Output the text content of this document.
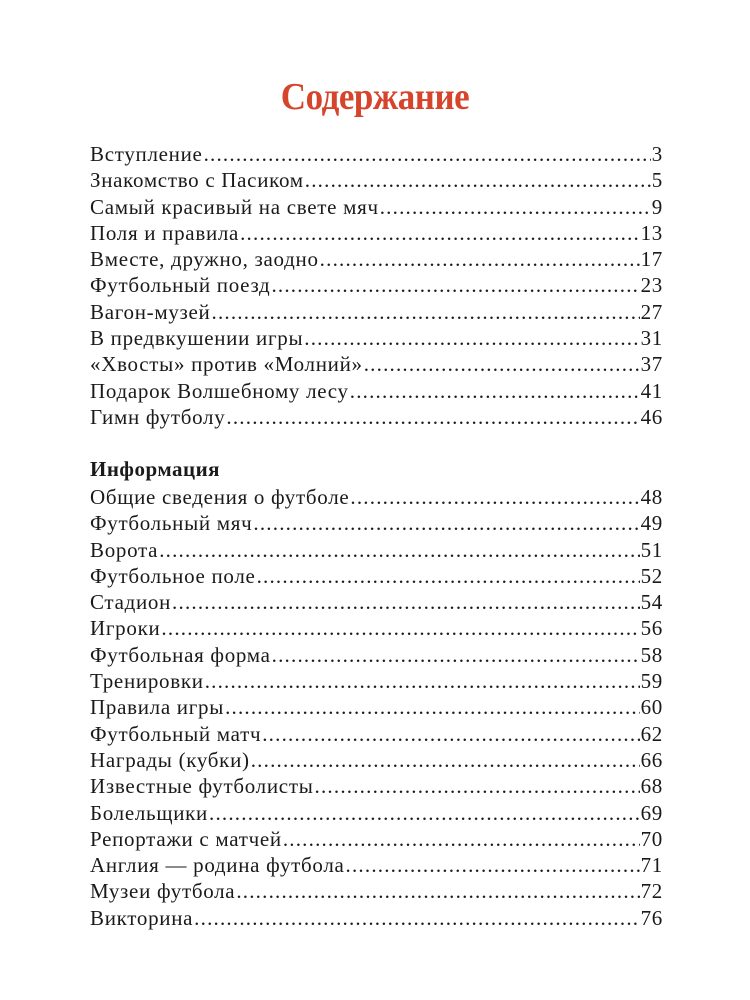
Содержание
Вступление .....	3
Знакомство с Пасиком .....	5
Самый красивый на свете мяч .....	9
Поля и правила .....	13
Вместе, дружно, заодно .....	17
Футбольный поезд .....	23
Вагон-музей .....	27
В предвкушении игры .....	31
«Хвосты» против «Молний» .....	37
Подарок Волшебному лесу .....	41
Гимн футболу .....	46
Информация
Общие сведения о футболе .....	48
Футбольный мяч .....	49
Ворота .....	51
Футбольное поле .....	52
Стадион .....	54
Игроки .....	56
Футбольная форма .....	58
Тренировки .....	59
Правила игры .....	60
Футбольный матч .....	62
Награды (кубки) .....	66
Известные футболисты .....	68
Болельщики .....	69
Репортажи с матчей .....	70
Англия — родина футбола .....	71
Музеи футбола .....	72
Викторина .....	76
